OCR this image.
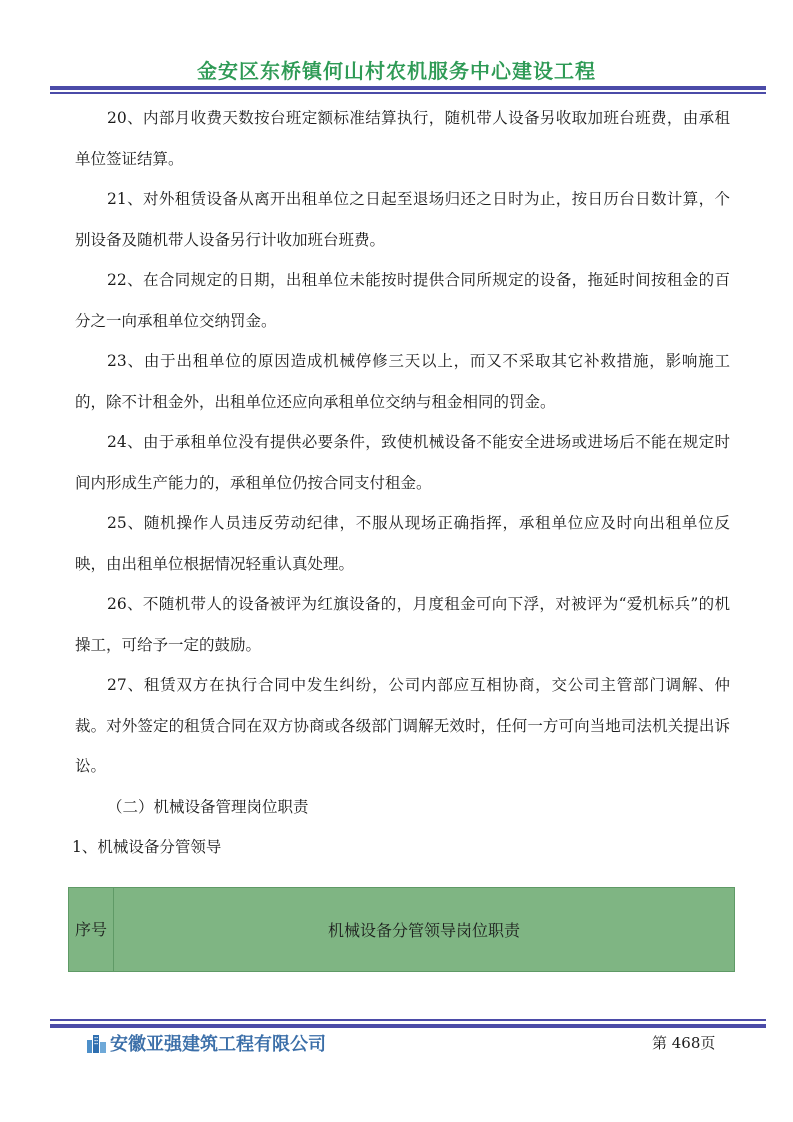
金安区东桥镇何山村农机服务中心建设工程

20、内部月收费天数按台班定额标准结算执行，随机带人设备另收取加班台班费，由承租单位签证结算。

21、对外租赁设备从离开出租单位之日起至退场归还之日时为止，按日历台日数计算，个别设备及随机带人设备另行计收加班台班费。

22、在合同规定的日期，出租单位未能按时提供合同所规定的设备，拖延时间按租金的百分之一向承租单位交纳罚金。

23、由于出租单位的原因造成机械停修三天以上，而又不采取其它补救措施，影响施工的，除不计租金外，出租单位还应向承租单位交纳与租金相同的罚金。

24、由于承租单位没有提供必要条件，致使机械设备不能安全进场或进场后不能在规定时间内形成生产能力的，承租单位仍按合同支付租金。

25、随机操作人员违反劳动纪律，不服从现场正确指挥，承租单位应及时向出租单位反映，由出租单位根据情况轻重认真处理。

26、不随机带人的设备被评为红旗设备的，月度租金可向下浮，对被评为“爱机标兵”的机操工，可给予一定的鼓励。

27、租赁双方在执行合同中发生纠纷，公司内部应互相协商，交公司主管部门调解、仲裁。对外签定的租赁合同在双方协商或各级部门调解无效时，任何一方可向当地司法机关提出诉讼。

（二）机械设备管理岗位职责

1、机械设备分管领导

序号	机械设备分管领导岗位职责
安徽亚强建筑工程有限公司	第 468页
